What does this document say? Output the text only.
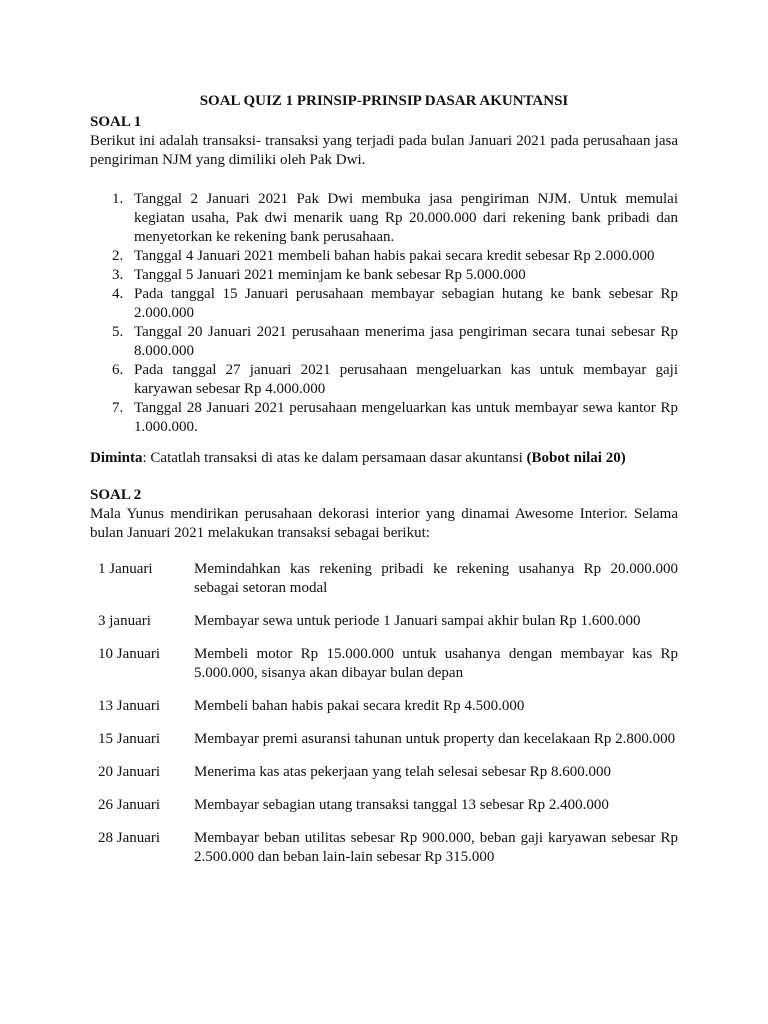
SOAL QUIZ 1 PRINSIP-PRINSIP DASAR AKUNTANSI

SOAL 1

Berikut ini adalah transaksi- transaksi yang terjadi pada bulan Januari 2021 pada perusahaan jasa pengiriman NJM yang dimiliki oleh Pak Dwi.

1. Tanggal 2 Januari 2021 Pak Dwi membuka jasa pengiriman NJM. Untuk memulai kegiatan usaha, Pak dwi menarik uang Rp 20.000.000 dari rekening bank pribadi dan menyetorkan ke rekening bank perusahaan.
2. Tanggal 4 Januari 2021 membeli bahan habis pakai secara kredit sebesar Rp 2.000.000
3. Tanggal 5 Januari 2021 meminjam ke bank sebesar Rp 5.000.000
4. Pada tanggal 15 Januari perusahaan membayar sebagian hutang ke bank sebesar Rp 2.000.000
5. Tanggal 20 Januari 2021 perusahaan menerima jasa pengiriman secara tunai sebesar Rp 8.000.000
6. Pada tanggal 27 januari 2021 perusahaan mengeluarkan kas untuk membayar gaji karyawan sebesar Rp 4.000.000
7. Tanggal 28 Januari 2021 perusahaan mengeluarkan kas untuk membayar sewa kantor Rp 1.000.000.

Diminta: Catatlah transaksi di atas ke dalam persamaan dasar akuntansi (Bobot nilai 20)

SOAL 2

Mala Yunus mendirikan perusahaan dekorasi interior yang dinamai Awesome Interior. Selama bulan Januari 2021 melakukan transaksi sebagai berikut:

1 Januari	Memindahkan kas rekening pribadi ke rekening usahanya Rp 20.000.000 sebagai setoran modal
3 januari	Membayar sewa untuk periode 1 Januari sampai akhir bulan Rp 1.600.000
10 Januari	Membeli motor Rp 15.000.000 untuk usahanya dengan membayar kas Rp 5.000.000, sisanya akan dibayar bulan depan
13 Januari	Membeli bahan habis pakai secara kredit Rp 4.500.000
15 Januari	Membayar premi asuransi tahunan untuk property dan kecelakaan Rp 2.800.000
20 Januari	Menerima kas atas pekerjaan yang telah selesai sebesar Rp 8.600.000
26 Januari	Membayar sebagian utang transaksi tanggal 13 sebesar Rp 2.400.000
28 Januari	Membayar beban utilitas sebesar Rp 900.000, beban gaji karyawan sebesar Rp 2.500.000 dan beban lain-lain sebesar Rp 315.000
